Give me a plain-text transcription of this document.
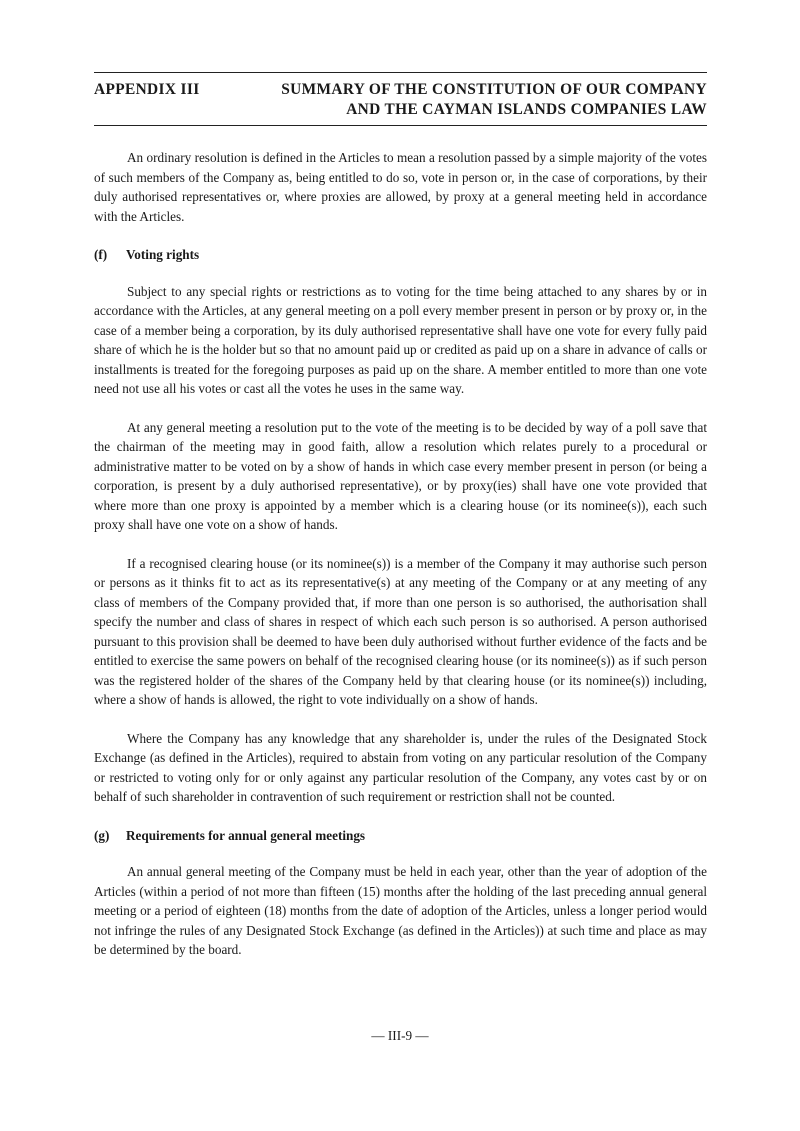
APPENDIX III	SUMMARY OF THE CONSTITUTION OF OUR COMPANY
AND THE CAYMAN ISLANDS COMPANIES LAW

An ordinary resolution is defined in the Articles to mean a resolution passed by a simple majority of the votes of such members of the Company as, being entitled to do so, vote in person or, in the case of corporations, by their duly authorised representatives or, where proxies are allowed, by proxy at a general meeting held in accordance with the Articles.

(f)	Voting rights

Subject to any special rights or restrictions as to voting for the time being attached to any shares by or in accordance with the Articles, at any general meeting on a poll every member present in person or by proxy or, in the case of a member being a corporation, by its duly authorised representative shall have one vote for every fully paid share of which he is the holder but so that no amount paid up or credited as paid up on a share in advance of calls or installments is treated for the foregoing purposes as paid up on the share. A member entitled to more than one vote need not use all his votes or cast all the votes he uses in the same way.

At any general meeting a resolution put to the vote of the meeting is to be decided by way of a poll save that the chairman of the meeting may in good faith, allow a resolution which relates purely to a procedural or administrative matter to be voted on by a show of hands in which case every member present in person (or being a corporation, is present by a duly authorised representative), or by proxy(ies) shall have one vote provided that where more than one proxy is appointed by a member which is a clearing house (or its nominee(s)), each such proxy shall have one vote on a show of hands.

If a recognised clearing house (or its nominee(s)) is a member of the Company it may authorise such person or persons as it thinks fit to act as its representative(s) at any meeting of the Company or at any meeting of any class of members of the Company provided that, if more than one person is so authorised, the authorisation shall specify the number and class of shares in respect of which each such person is so authorised. A person authorised pursuant to this provision shall be deemed to have been duly authorised without further evidence of the facts and be entitled to exercise the same powers on behalf of the recognised clearing house (or its nominee(s)) as if such person was the registered holder of the shares of the Company held by that clearing house (or its nominee(s)) including, where a show of hands is allowed, the right to vote individually on a show of hands.

Where the Company has any knowledge that any shareholder is, under the rules of the Designated Stock Exchange (as defined in the Articles), required to abstain from voting on any particular resolution of the Company or restricted to voting only for or only against any particular resolution of the Company, any votes cast by or on behalf of such shareholder in contravention of such requirement or restriction shall not be counted.

(g)	Requirements for annual general meetings

An annual general meeting of the Company must be held in each year, other than the year of adoption of the Articles (within a period of not more than fifteen (15) months after the holding of the last preceding annual general meeting or a period of eighteen (18) months from the date of adoption of the Articles, unless a longer period would not infringe the rules of any Designated Stock Exchange (as defined in the Articles)) at such time and place as may be determined by the board.

— III-9 —
